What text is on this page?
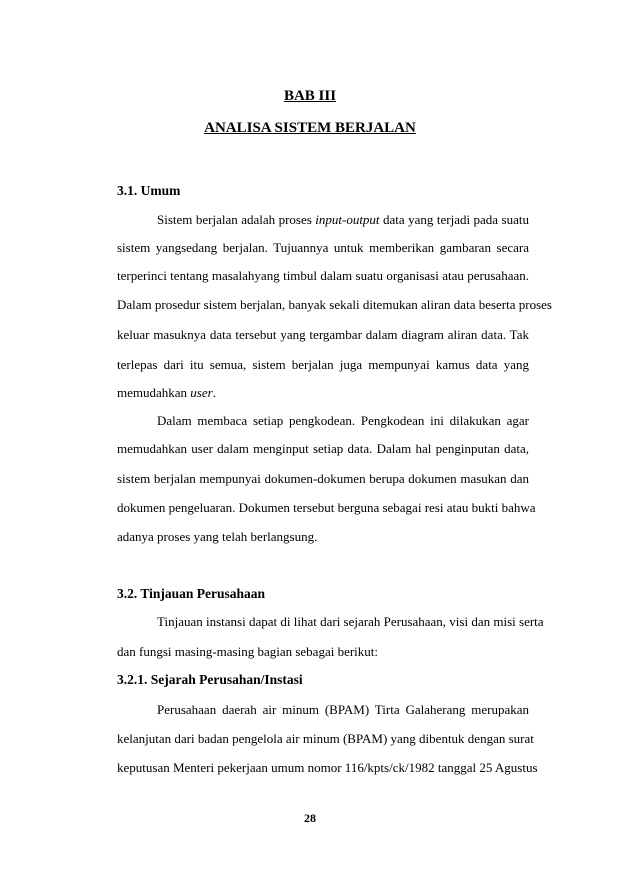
BAB III
ANALISA SISTEM BERJALAN
3.1. Umum
Sistem berjalan adalah proses input-output data yang terjadi pada suatu
sistem yangsedang berjalan. Tujuannya untuk memberikan gambaran secara
terperinci tentang masalahyang timbul dalam suatu organisasi atau perusahaan.
Dalam prosedur sistem berjalan, banyak sekali ditemukan aliran data beserta proses
keluar masuknya data tersebut yang tergambar dalam diagram aliran data. Tak
terlepas dari itu semua, sistem berjalan juga mempunyai kamus data yang
memudahkan user.
Dalam membaca setiap pengkodean. Pengkodean ini dilakukan agar
memudahkan user dalam menginput setiap data. Dalam hal penginputan data,
sistem berjalan mempunyai dokumen-dokumen berupa dokumen masukan dan
dokumen pengeluaran. Dokumen tersebut berguna sebagai resi atau bukti bahwa
adanya proses yang telah berlangsung.
3.2. Tinjauan Perusahaan
Tinjauan instansi dapat di lihat dari sejarah Perusahaan, visi dan misi serta
dan fungsi masing-masing bagian sebagai berikut:
3.2.1. Sejarah Perusahan/Instasi
Perusahaan daerah air minum (BPAM) Tirta Galaherang merupakan
kelanjutan dari badan pengelola air minum (BPAM) yang dibentuk dengan surat
keputusan Menteri pekerjaan umum nomor 116/kpts/ck/1982 tanggal 25 Agustus
28
